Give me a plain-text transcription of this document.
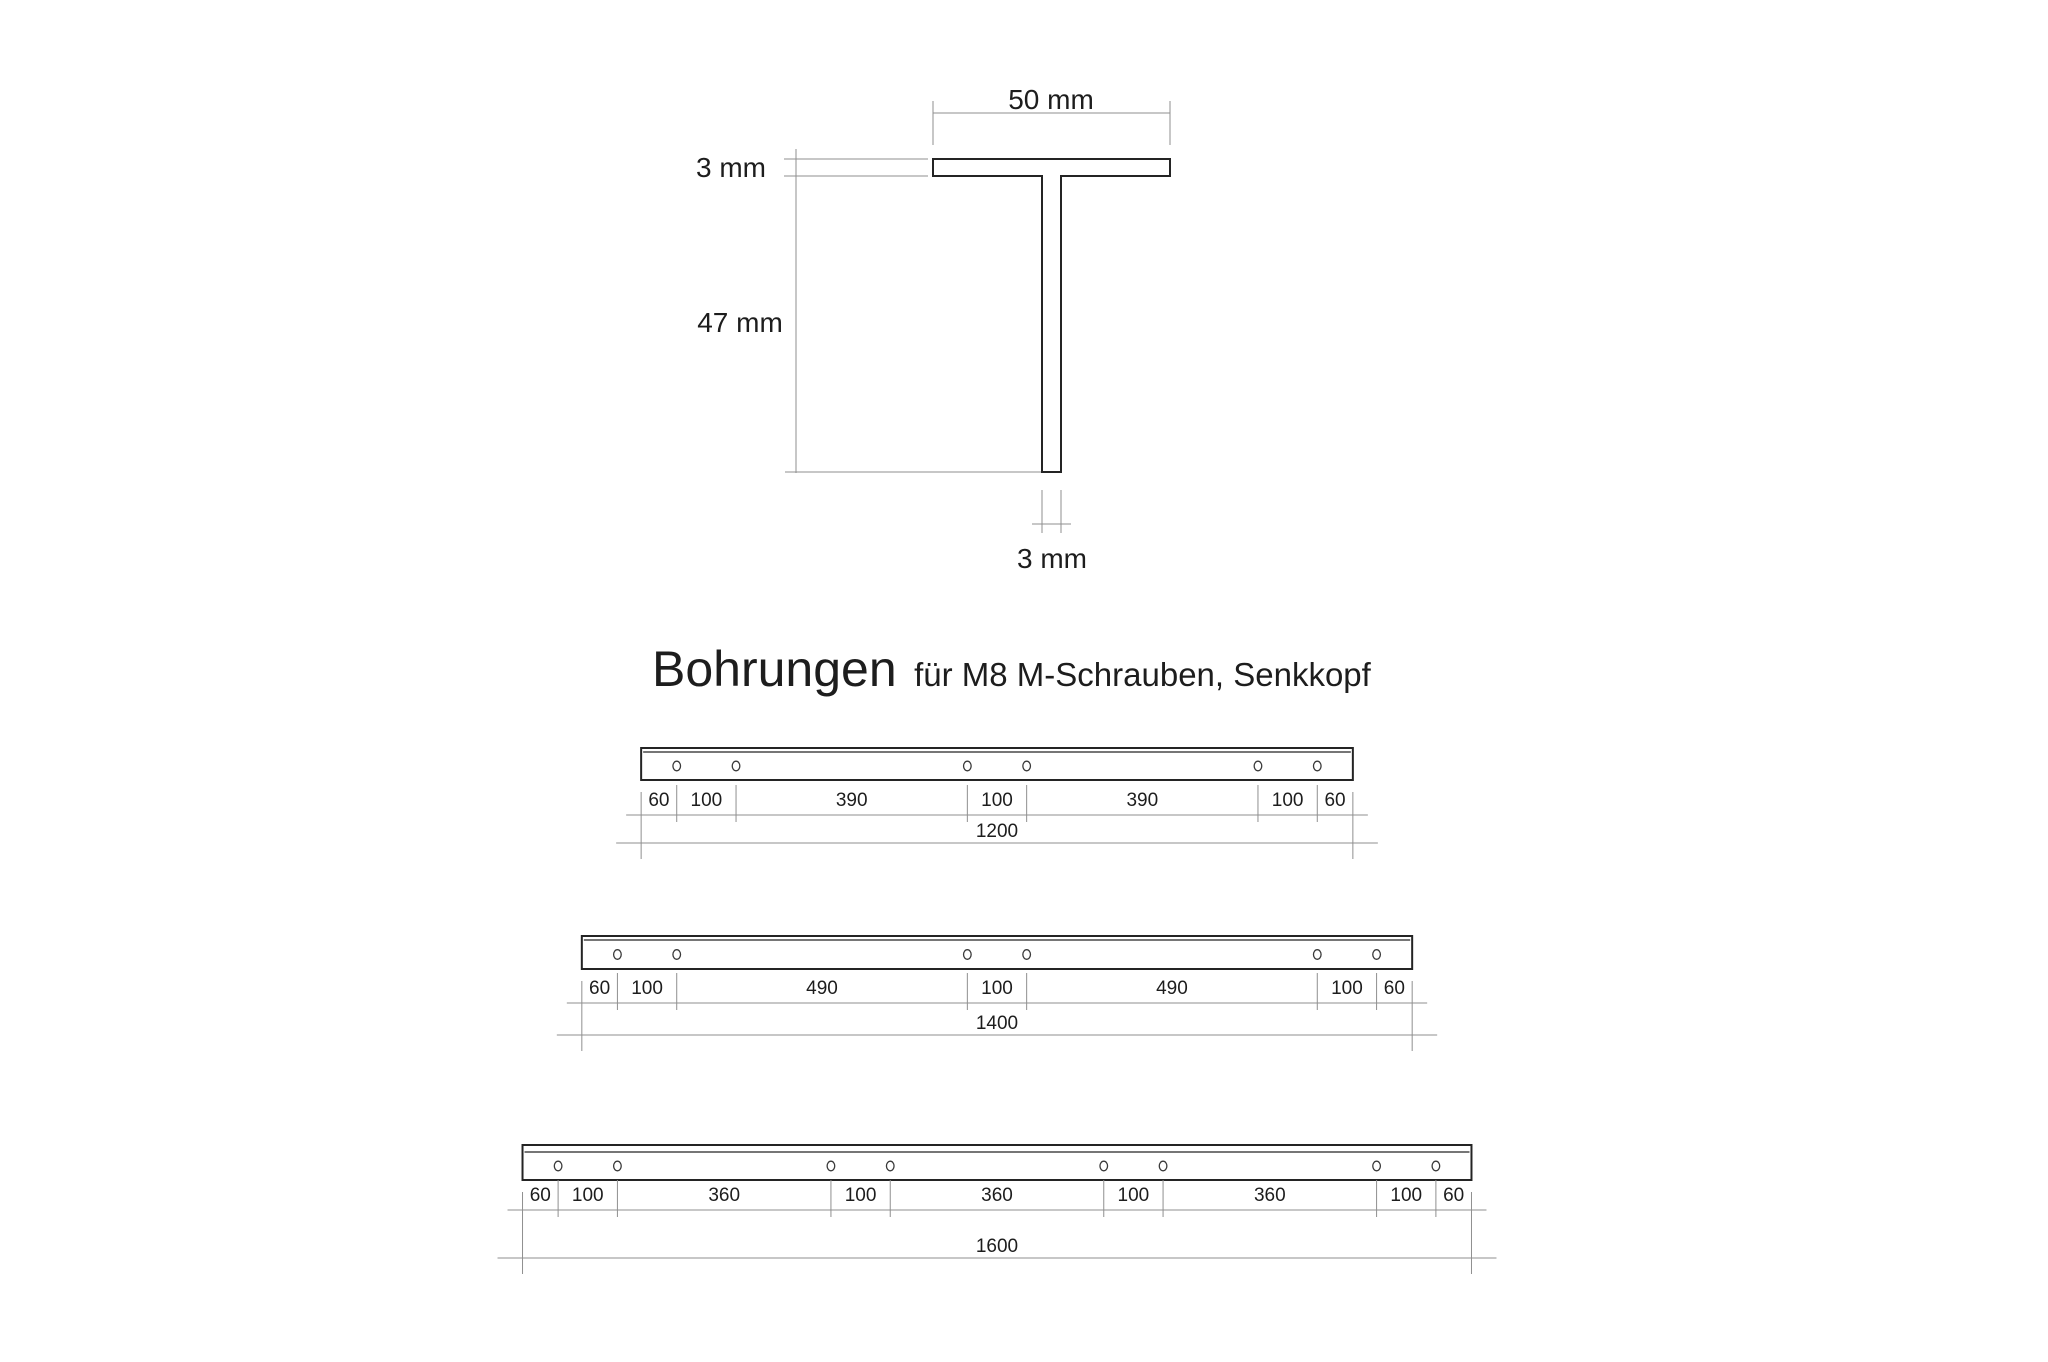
50 mm
3 mm
47 mm
3 mm
Bohrungen für M8 M-Schrauben, Senkkopf
60 100	390	100	390	100 60
1200
60 100	490	100	490	100 60
1400
60 100	360	100	360	100	360	100 60
1600
